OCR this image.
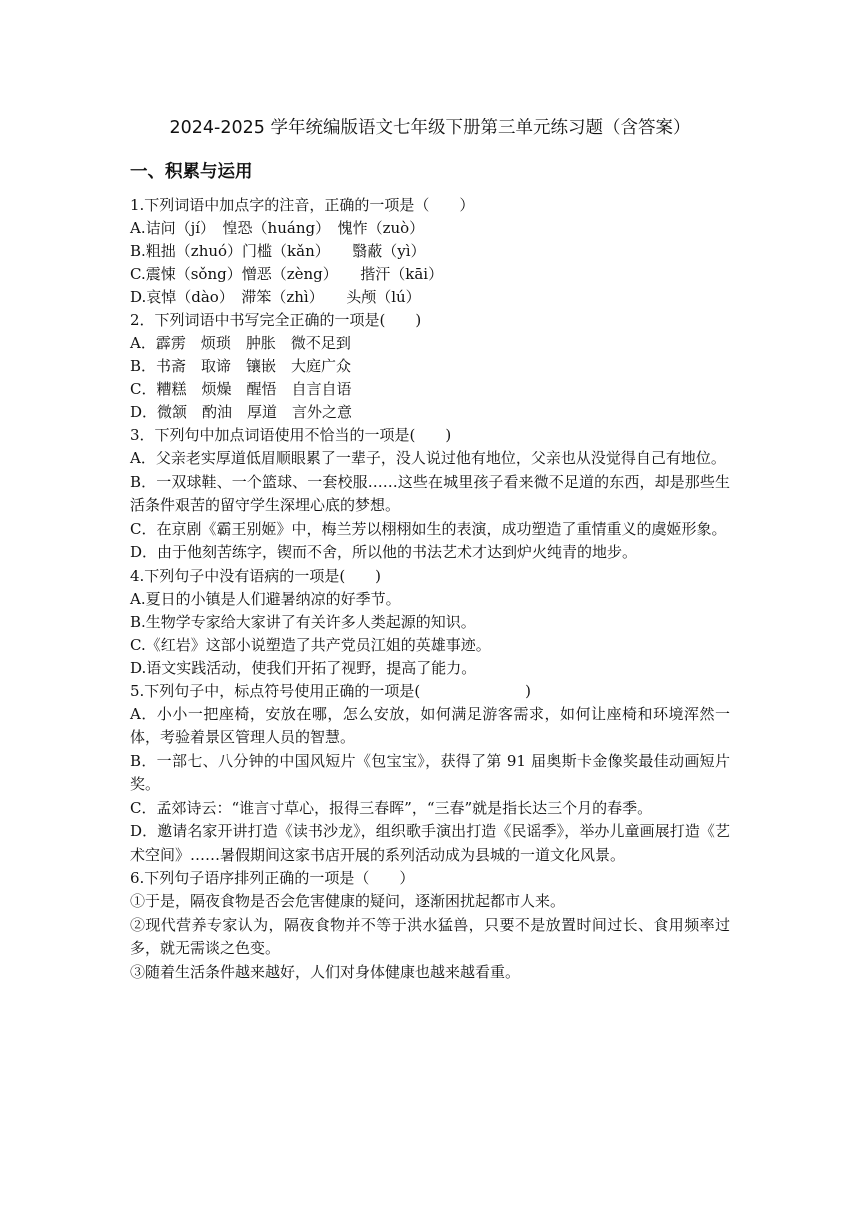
2024-2025 学年统编版语文七年级下册第三单元练习题（含答案）
一、积累与运用
1.下列词语中加点字的注音，正确的一项是（　　）
A.诘问（jí）　惶恐（huáng）　愧怍（zuò）
B.粗拙（zhuó）门槛（kǎn）　　翳蔽（yì）
C.震悚（sǒng）憎恶（zèng）　　揩汗（kāi）
D.哀悼（dào）　滞笨（zhì）　　头颅（lú）
2．下列词语中书写完全正确的一项是(　　)
A．霹雳　烦琐　肿胀　微不足到
B．书斋　取谛　镶嵌　大庭广众
C．糟糕　烦燥　醒悟　自言自语
D．微颔　酌油　厚道　言外之意
3．下列句中加点词语使用不恰当的一项是(　　)
A．父亲老实厚道低眉顺眼累了一辈子，没人说过他有地位，父亲也从没觉得自己有地位。
B．一双球鞋、一个篮球、一套校服……这些在城里孩子看来微不足道的东西，却是那些生活条件艰苦的留守学生深埋心底的梦想。
C．在京剧《霸王别姬》中，梅兰芳以栩栩如生的表演，成功塑造了重情重义的虞姬形象。
D．由于他刻苦练字，锲而不舍，所以他的书法艺术才达到炉火纯青的地步。
4.下列句子中没有语病的一项是(　　)
A.夏日的小镇是人们避暑纳凉的好季节。
B.生物学专家给大家讲了有关许多人类起源的知识。
C.《红岩》这部小说塑造了共产党员江姐的英雄事迹。
D.语文实践活动，使我们开拓了视野，提高了能力。
5.下列句子中，标点符号使用正确的一项是(　　　　　　　)
A．小小一把座椅，安放在哪，怎么安放，如何满足游客需求，如何让座椅和环境浑然一体，考验着景区管理人员的智慧。
B．一部七、八分钟的中国风短片《包宝宝》，获得了第 91 届奥斯卡金像奖最佳动画短片奖。
C．孟郊诗云：“谁言寸草心，报得三春晖”，“三春”就是指长达三个月的春季。
D．邀请名家开讲打造《读书沙龙》，组织歌手演出打造《民谣季》，举办儿童画展打造《艺术空间》……暑假期间这家书店开展的系列活动成为县城的一道文化风景。
6.下列句子语序排列正确的一项是（　　）
①于是，隔夜食物是否会危害健康的疑问，逐渐困扰起都市人来。
②现代营养专家认为，隔夜食物并不等于洪水猛兽，只要不是放置时间过长、食用频率过多，就无需谈之色变。
③随着生活条件越来越好，人们对身体健康也越来越看重。
